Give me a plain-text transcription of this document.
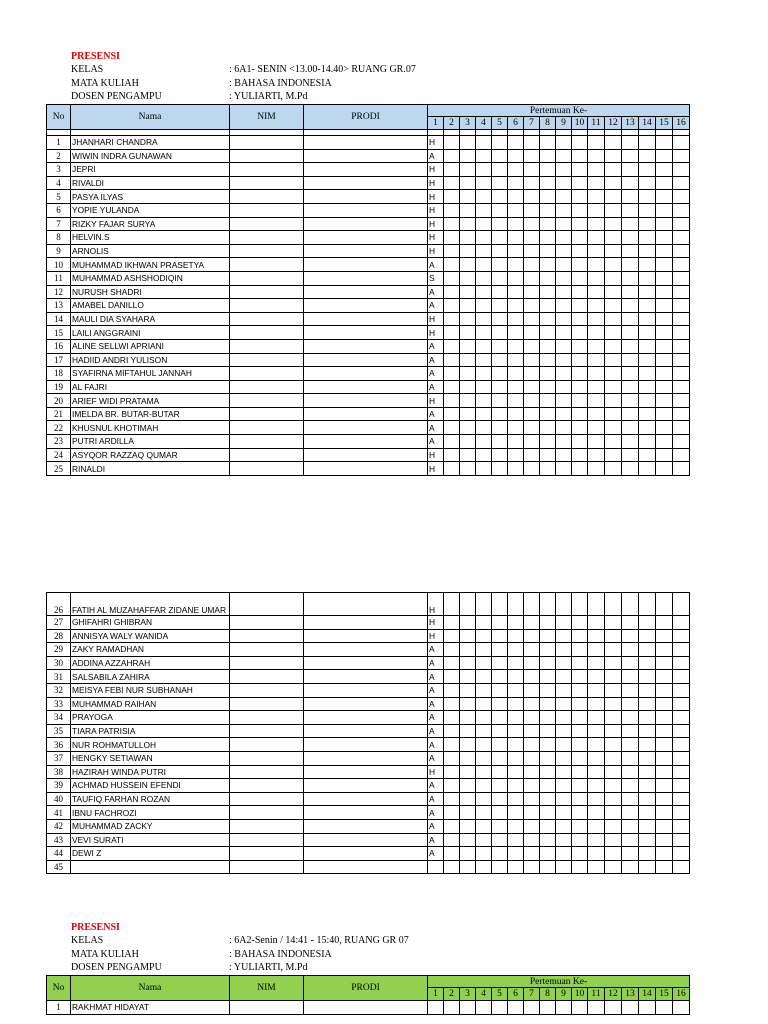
PRESENSI
KELAS	: 6A1- SENIN <13.00-14.40> RUANG GR.07
MATA KULIAH	: BAHASA INDONESIA
DOSEN PENGAMPU	: YULIARTI, M.Pd
No	Nama	NIM	PRODI	Pertemuan Ke-															
				1	2	3	4	5	6	7	8	9	10	11	12	13	14	15	16

1	JHANHARI CHANDRA			H															
2	WIWIN INDRA GUNAWAN			A															
3	JEPRI			H															
4	RIVALDI			H															
5	PASYA ILYAS			H															
6	YOPIE YULANDA			H															
7	RIZKY FAJAR SURYA			H															
8	HELVIN.S			H															
9	ARNOLIS			H															
10	MUHAMMAD IKHWAN PRASETYA			A															
11	MUHAMMAD ASHSHODIQIN			S															
12	NURUSH SHADRI			A															
13	AMABEL DANILLO			A															
14	MAULI DIA SYAHARA			H															
15	LAILI ANGGRAINI			H															
16	ALINE SELLWI APRIANI			A															
17	HADIID ANDRI YULISON			A															
18	SYAFIRNA MIFTAHUL JANNAH			A															
19	AL FAJRI			A															
20	ARIEF WIDI PRATAMA			H															
21	IMELDA BR. BUTAR-BUTAR			A															
22	KHUSNUL KHOTIMAH			A															
23	PUTRI ARDILLA			A															
24	ASYQOR RAZZAQ QUMAR			H															
25	RINALDI			H															
26	FATIH AL MUZAHAFFAR ZIDANE UMAR			H															
27	GHIFAHRI GHIBRAN			H															
28	ANNISYA WALY WANIDA			H															
29	ZAKY RAMADHAN			A															
30	ADDINA AZZAHRAH			A															
31	SALSABILA ZAHIRA			A															
32	MEISYA FEBI NUR SUBHANAH			A															
33	MUHAMMAD RAIHAN			A															
34	PRAYOGA			A															
35	TIARA PATRISIA			A															
36	NUR ROHMATULLOH			A															
37	HENGKY SETIAWAN			A															
38	HAZIRAH WINDA PUTRI			H															
39	ACHMAD HUSSEIN EFENDI			A															
40	TAUFIQ FARHAN ROZAN			A															
41	IBNU FACHROZI			A															
42	MUHAMMAD ZACKY			A															
43	VEVI SURATI			A															
44	DEWI Z			A															
45																			
PRESENSI
KELAS	: 6A2-Senin / 14:41 - 15:40, RUANG GR 07
MATA KULIAH	: BAHASA INDONESIA
DOSEN PENGAMPU	: YULIARTI, M.Pd
No	Nama	NIM	PRODI	Pertemuan Ke-															
				1	2	3	4	5	6	7	8	9	10	11	12	13	14	15	16
1	RAKHMAT HIDAYAT																		
